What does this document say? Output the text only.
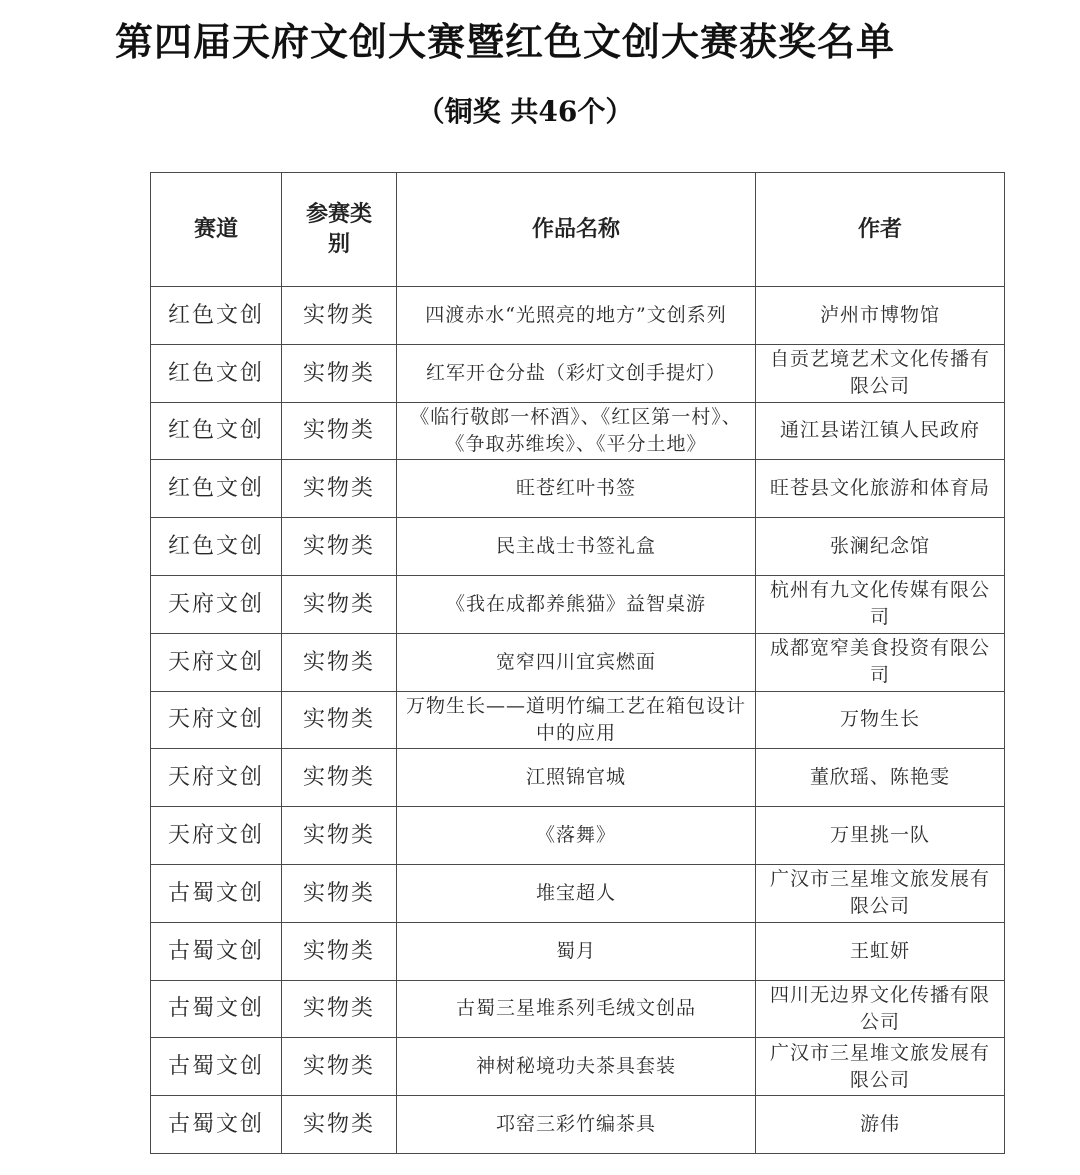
第四届天府文创大赛暨红色文创大赛获奖名单
（铜奖 共46个）
赛道	参赛类别	作品名称	作者
红色文创	实物类	四渡赤水“光照亮的地方”文创系列	泸州市博物馆
红色文创	实物类	红军开仓分盐（彩灯文创手提灯）	自贡艺境艺术文化传播有限公司
红色文创	实物类	《临行敬郎一杯酒》、《红区第一村》、《争取苏维埃》、《平分土地》	通江县诺江镇人民政府
红色文创	实物类	旺苍红叶书签	旺苍县文化旅游和体育局
红色文创	实物类	民主战士书签礼盒	张澜纪念馆
天府文创	实物类	《我在成都养熊猫》益智桌游	杭州有九文化传媒有限公司
天府文创	实物类	宽窄四川宜宾燃面	成都宽窄美食投资有限公司
天府文创	实物类	万物生长——道明竹编工艺在箱包设计中的应用	万物生长
天府文创	实物类	江照锦官城	董欣瑶、陈艳雯
天府文创	实物类	《落舞》	万里挑一队
古蜀文创	实物类	堆宝超人	广汉市三星堆文旅发展有限公司
古蜀文创	实物类	蜀月	王虹妍
古蜀文创	实物类	古蜀三星堆系列毛绒文创品	四川无边界文化传播有限公司
古蜀文创	实物类	神树秘境功夫茶具套装	广汉市三星堆文旅发展有限公司
古蜀文创	实物类	邛窑三彩竹编茶具	游伟
